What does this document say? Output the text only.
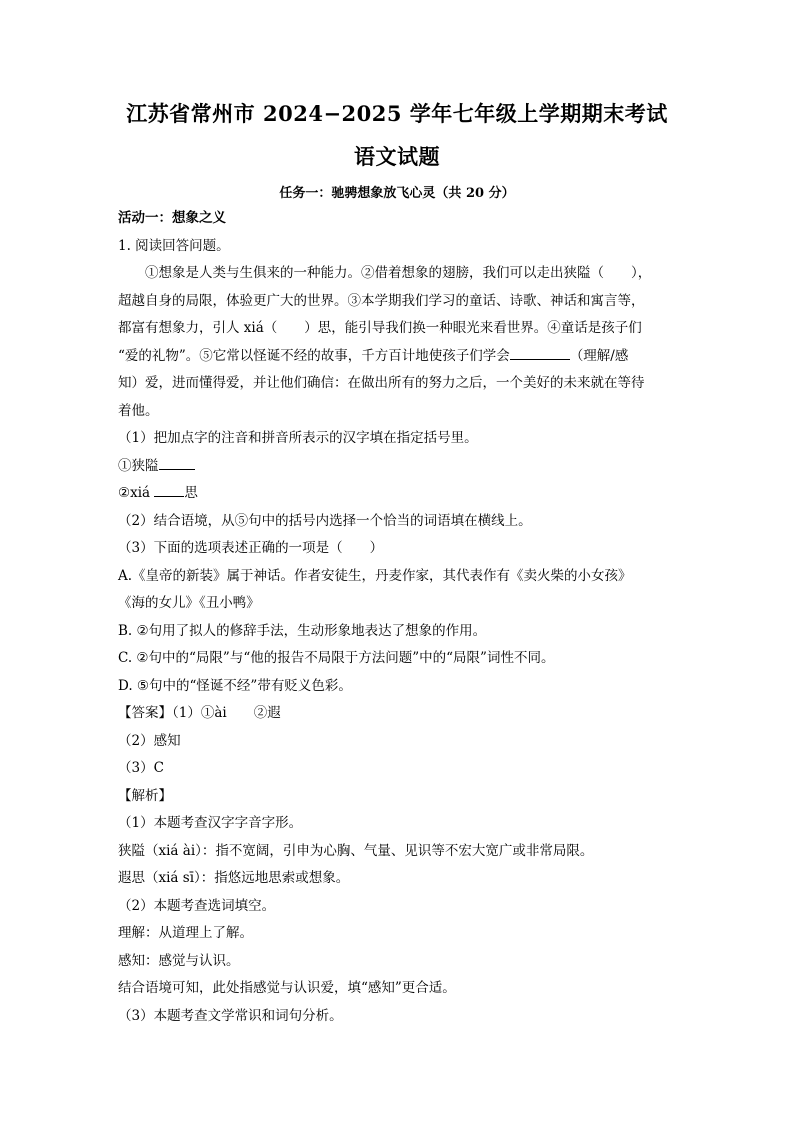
江苏省常州市 2024−2025 学年七年级上学期期末考试
语文试题
任务一：驰骋想象放飞心灵（共 20 分）
活动一：想象之义
1. 阅读回答问题。
①想象是人类与生俱来的一种能力。②借着想象的翅膀，我们可以走出狭隘（　　），
超越自身的局限，体验更广大的世界。③本学期我们学习的童话、诗歌、神话和寓言等，
都富有想象力，引人 xiá（　　）思，能引导我们换一种眼光来看世界。④童话是孩子们
“爱的礼物”。⑤它常以怪诞不经的故事，千方百计地使孩子们学会	（理解/感
知）爱，进而懂得爱，并让他们确信：在做出所有的努力之后，一个美好的未来就在等待
着他。
（1）把加点字的注音和拼音所表示的汉字填在指定括号里。
①狭隘
②xiá 思
（2）结合语境，从⑤句中的括号内选择一个恰当的词语填在横线上。
（3）下面的选项表述正确的一项是（　　）
A.《皇帝的新装》属于神话。作者安徒生，丹麦作家，其代表作有《卖火柴的小女孩》
《海的女儿》《丑小鸭》
B. ②句用了拟人的修辞手法，生动形象地表达了想象的作用。
C. ②句中的“局限”与“他的报告不局限于方法问题”中的“局限”词性不同。
D. ⑤句中的“怪诞不经”带有贬义色彩。
【答案】（1）①ài　　②遐
（2）感知
（3）C
【解析】
（1）本题考查汉字字音字形。
狭隘（xiá ài）：指不宽阔，引申为心胸、气量、见识等不宏大宽广或非常局限。
遐思（xiá sī）：指悠远地思索或想象。
（2）本题考查选词填空。
理解：从道理上了解。
感知：感觉与认识。
结合语境可知，此处指感觉与认识爱，填“感知”更合适。
（3）本题考查文学常识和词句分析。
